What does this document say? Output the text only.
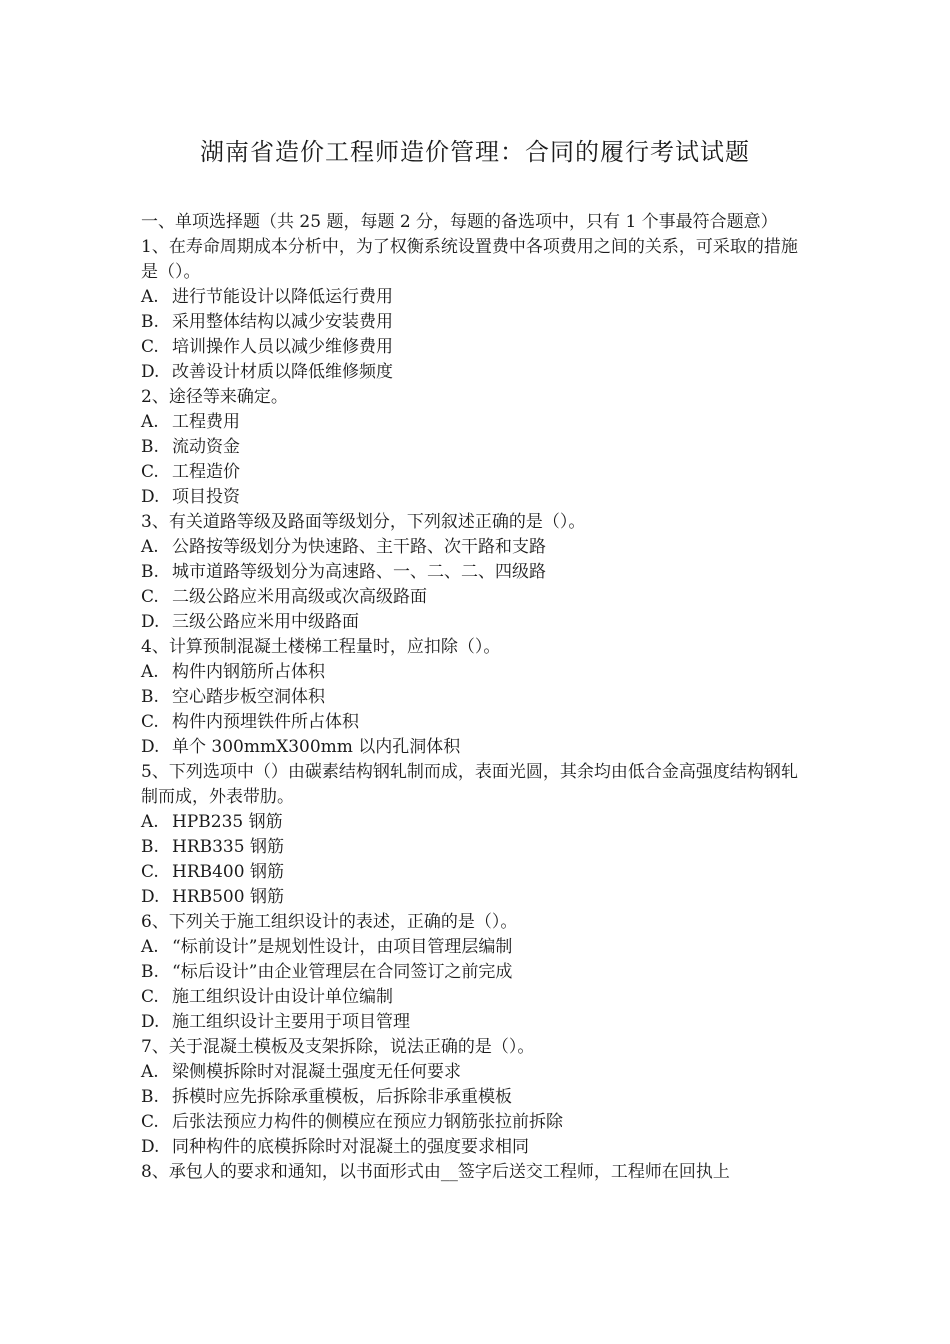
湖南省造价工程师造价管理：合同的履行考试试题

一、单项选择题（共 25 题，每题 2 分，每题的备选项中，只有 1 个事最符合题意）

1、在寿命周期成本分析中，为了权衡系统设置费中各项费用之间的关系，可采取的措施是（）。

A. 进行节能设计以降低运行费用

B. 采用整体结构以减少安装费用

C. 培训操作人员以减少维修费用

D. 改善设计材质以降低维修频度

2、途径等来确定。

A. 工程费用

B. 流动资金

C. 工程造价

D. 项目投资

3、有关道路等级及路面等级划分，下列叙述正确的是（）。

A. 公路按等级划分为快速路、主干路、次干路和支路

B. 城市道路等级划分为高速路、一、二、二、四级路

C. 二级公路应米用高级或次高级路面

D. 三级公路应米用中级路面

4、计算预制混凝土楼梯工程量时，应扣除（）。

A. 构件内钢筋所占体积

B. 空心踏步板空洞体积

C. 构件内预埋铁件所占体积

D. 单个 300mmX300mm 以内孔洞体积

5、下列选项中（）由碳素结构钢轧制而成，表面光圆，其余均由低合金高强度结构钢轧制而成，外表带肋。

A. HPB235 钢筋

B. HRB335 钢筋

C. HRB400 钢筋

D. HRB500 钢筋

6、下列关于施工组织设计的表述，正确的是（）。

A. “标前设计”是规划性设计，由项目管理层编制

B. “标后设计”由企业管理层在合同签订之前完成

C. 施工组织设计由设计单位编制

D. 施工组织设计主要用于项目管理

7、关于混凝土模板及支架拆除，说法正确的是（）。

A. 梁侧模拆除时对混凝土强度无任何要求

B. 拆模时应先拆除承重模板，后拆除非承重模板

C. 后张法预应力构件的侧模应在预应力钢筋张拉前拆除

D. 同种构件的底模拆除时对混凝土的强度要求相同

8、承包人的要求和通知，以书面形式由__签字后送交工程师，工程师在回执上
